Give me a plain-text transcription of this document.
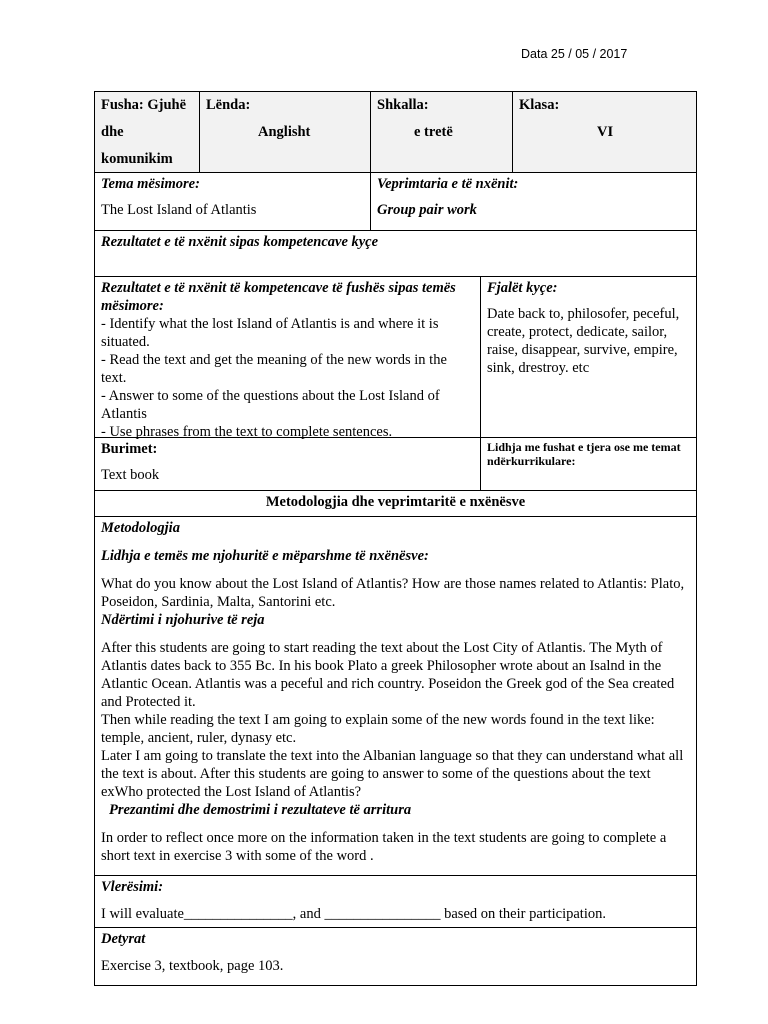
Data 25 / 05 / 2017
Fusha: Gjuhë
dhe
komunikim
Lënda:
Anglisht
Shkalla:
e tretë
Klasa:
VI
Tema mësimore:
The Lost Island of Atlantis
Veprimtaria e të nxënit:
Group pair work
Rezultatet e të nxënit sipas kompetencave kyçe
Rezultatet e të nxënit të kompetencave të fushës sipas temës mësimore:
- Identify what the lost Island of Atlantis is and where it is situated.
- Read the text and get the meaning of the new words in the text.
- Answer to some of the questions about the Lost Island of Atlantis
- Use phrases from the text to complete sentences.
Fjalët kyçe:
Date back to, philosofer, peceful, create, protect, dedicate, sailor, raise, disappear, survive, empire, sink, drestroy. etc
Burimet:
Text book
Lidhja me fushat e tjera ose me temat ndërkurrikulare:
Metodologjia dhe veprimtaritë e nxënësve
Metodologjia
Lidhja e temës me njohuritë e mëparshme të nxënësve:

What do you know about the Lost Island of Atlantis? How are those names related to Atlantis: Plato, Poseidon, Sardinia, Malta, Santorini etc.

Ndërtimi i njohurive të reja

After this students are going to start reading the text about the Lost City of Atlantis. The Myth of Atlantis dates back to 355 Bc. In his book Plato a greek Philosopher wrote about an Isalnd in the Atlantic Ocean. Atlantis was a peceful and rich country. Poseidon the Greek god of the Sea created and Protected it.

Then while reading the text I am going to explain some of the new words found in the text like: temple, ancient, ruler, dynasy etc.

Later I am going to translate the text into the Albanian language so that they can understand what all the text is about. After this students are going to answer to some of the questions about the text exWho protected the Lost Island of Atlantis?

Prezantimi dhe demostrimi i rezultateve të arritura

In order to reflect once more on the information taken in the text students are going to complete a short text in exercise 3 with some of the word .

Vlerësimi:
I will evaluate_______________, and ________________ based on their participation.
Detyrat
Exercise 3, textbook, page 103.
